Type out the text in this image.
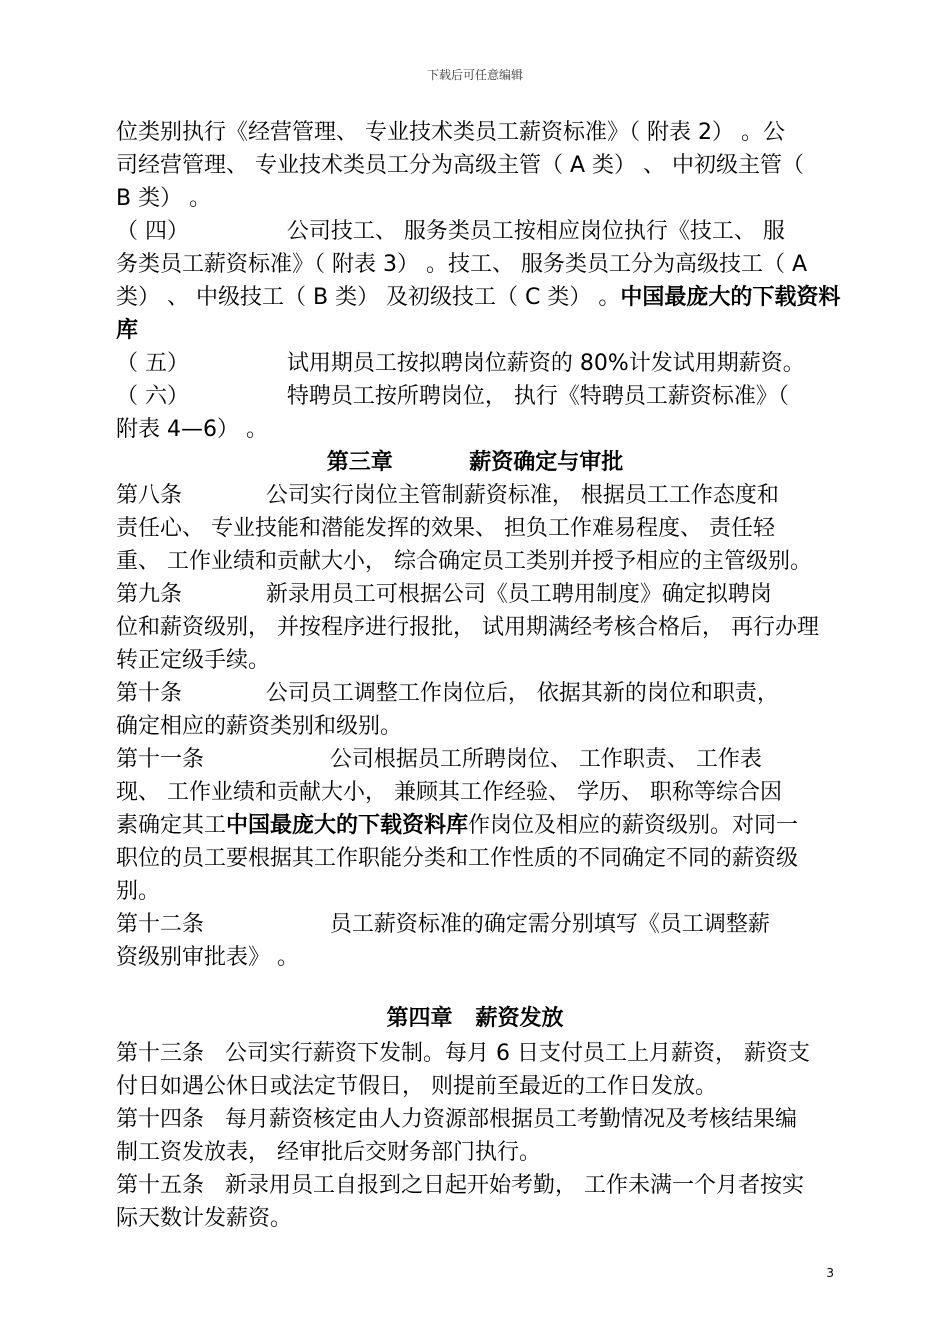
下载后可任意编辑
位类别执行《经营管理、 专业技术类员工薪资标准》（ 附表 2） 。公
司经营管理、 专业技术类员工分为高级主管（ A 类） 、 中初级主管（
B 类） 。
（ 四）              公司技工、 服务类员工按相应岗位执行《技工、 服
务类员工薪资标准》（ 附表 3） 。技工、 服务类员工分为高级技工（ A
类） 、 中级技工（ B 类） 及初级技工（ C 类） 。中国最庞大的下载资料
库
（ 五）              试用期员工按拟聘岗位薪资的 80%计发试用期薪资。
（ 六）              特聘员工按所聘岗位， 执行《特聘员工薪资标准》（
附表 4—6） 。
第三章          薪资确定与审批
第八条            公司实行岗位主管制薪资标准， 根据员工工作态度和
责任心、 专业技能和潜能发挥的效果、 担负工作难易程度、 责任轻
重、 工作业绩和贡献大小， 综合确定员工类别并授予相应的主管级别。
第九条            新录用员工可根据公司《员工聘用制度》确定拟聘岗
位和薪资级别， 并按程序进行报批， 试用期满经考核合格后， 再行办理
转正定级手续。
第十条            公司员工调整工作岗位后， 依据其新的岗位和职责，
确定相应的薪资类别和级别。
第十一条                  公司根据员工所聘岗位、 工作职责、 工作表
现、 工作业绩和贡献大小， 兼顾其工作经验、 学历、 职称等综合因
素确定其工中国最庞大的下载资料库作岗位及相应的薪资级别。对同一
职位的员工要根据其工作职能分类和工作性质的不同确定不同的薪资级
别。
第十二条                  员工薪资标准的确定需分别填写《员工调整薪
资级别审批表》 。
第四章   薪资发放
第十三条   公司实行薪资下发制。每月 6 日支付员工上月薪资， 薪资支
付日如遇公休日或法定节假日， 则提前至最近的工作日发放。
第十四条   每月薪资核定由人力资源部根据员工考勤情况及考核结果编
制工资发放表， 经审批后交财务部门执行。
第十五条   新录用员工自报到之日起开始考勤， 工作未满一个月者按实
际天数计发薪资。
3
